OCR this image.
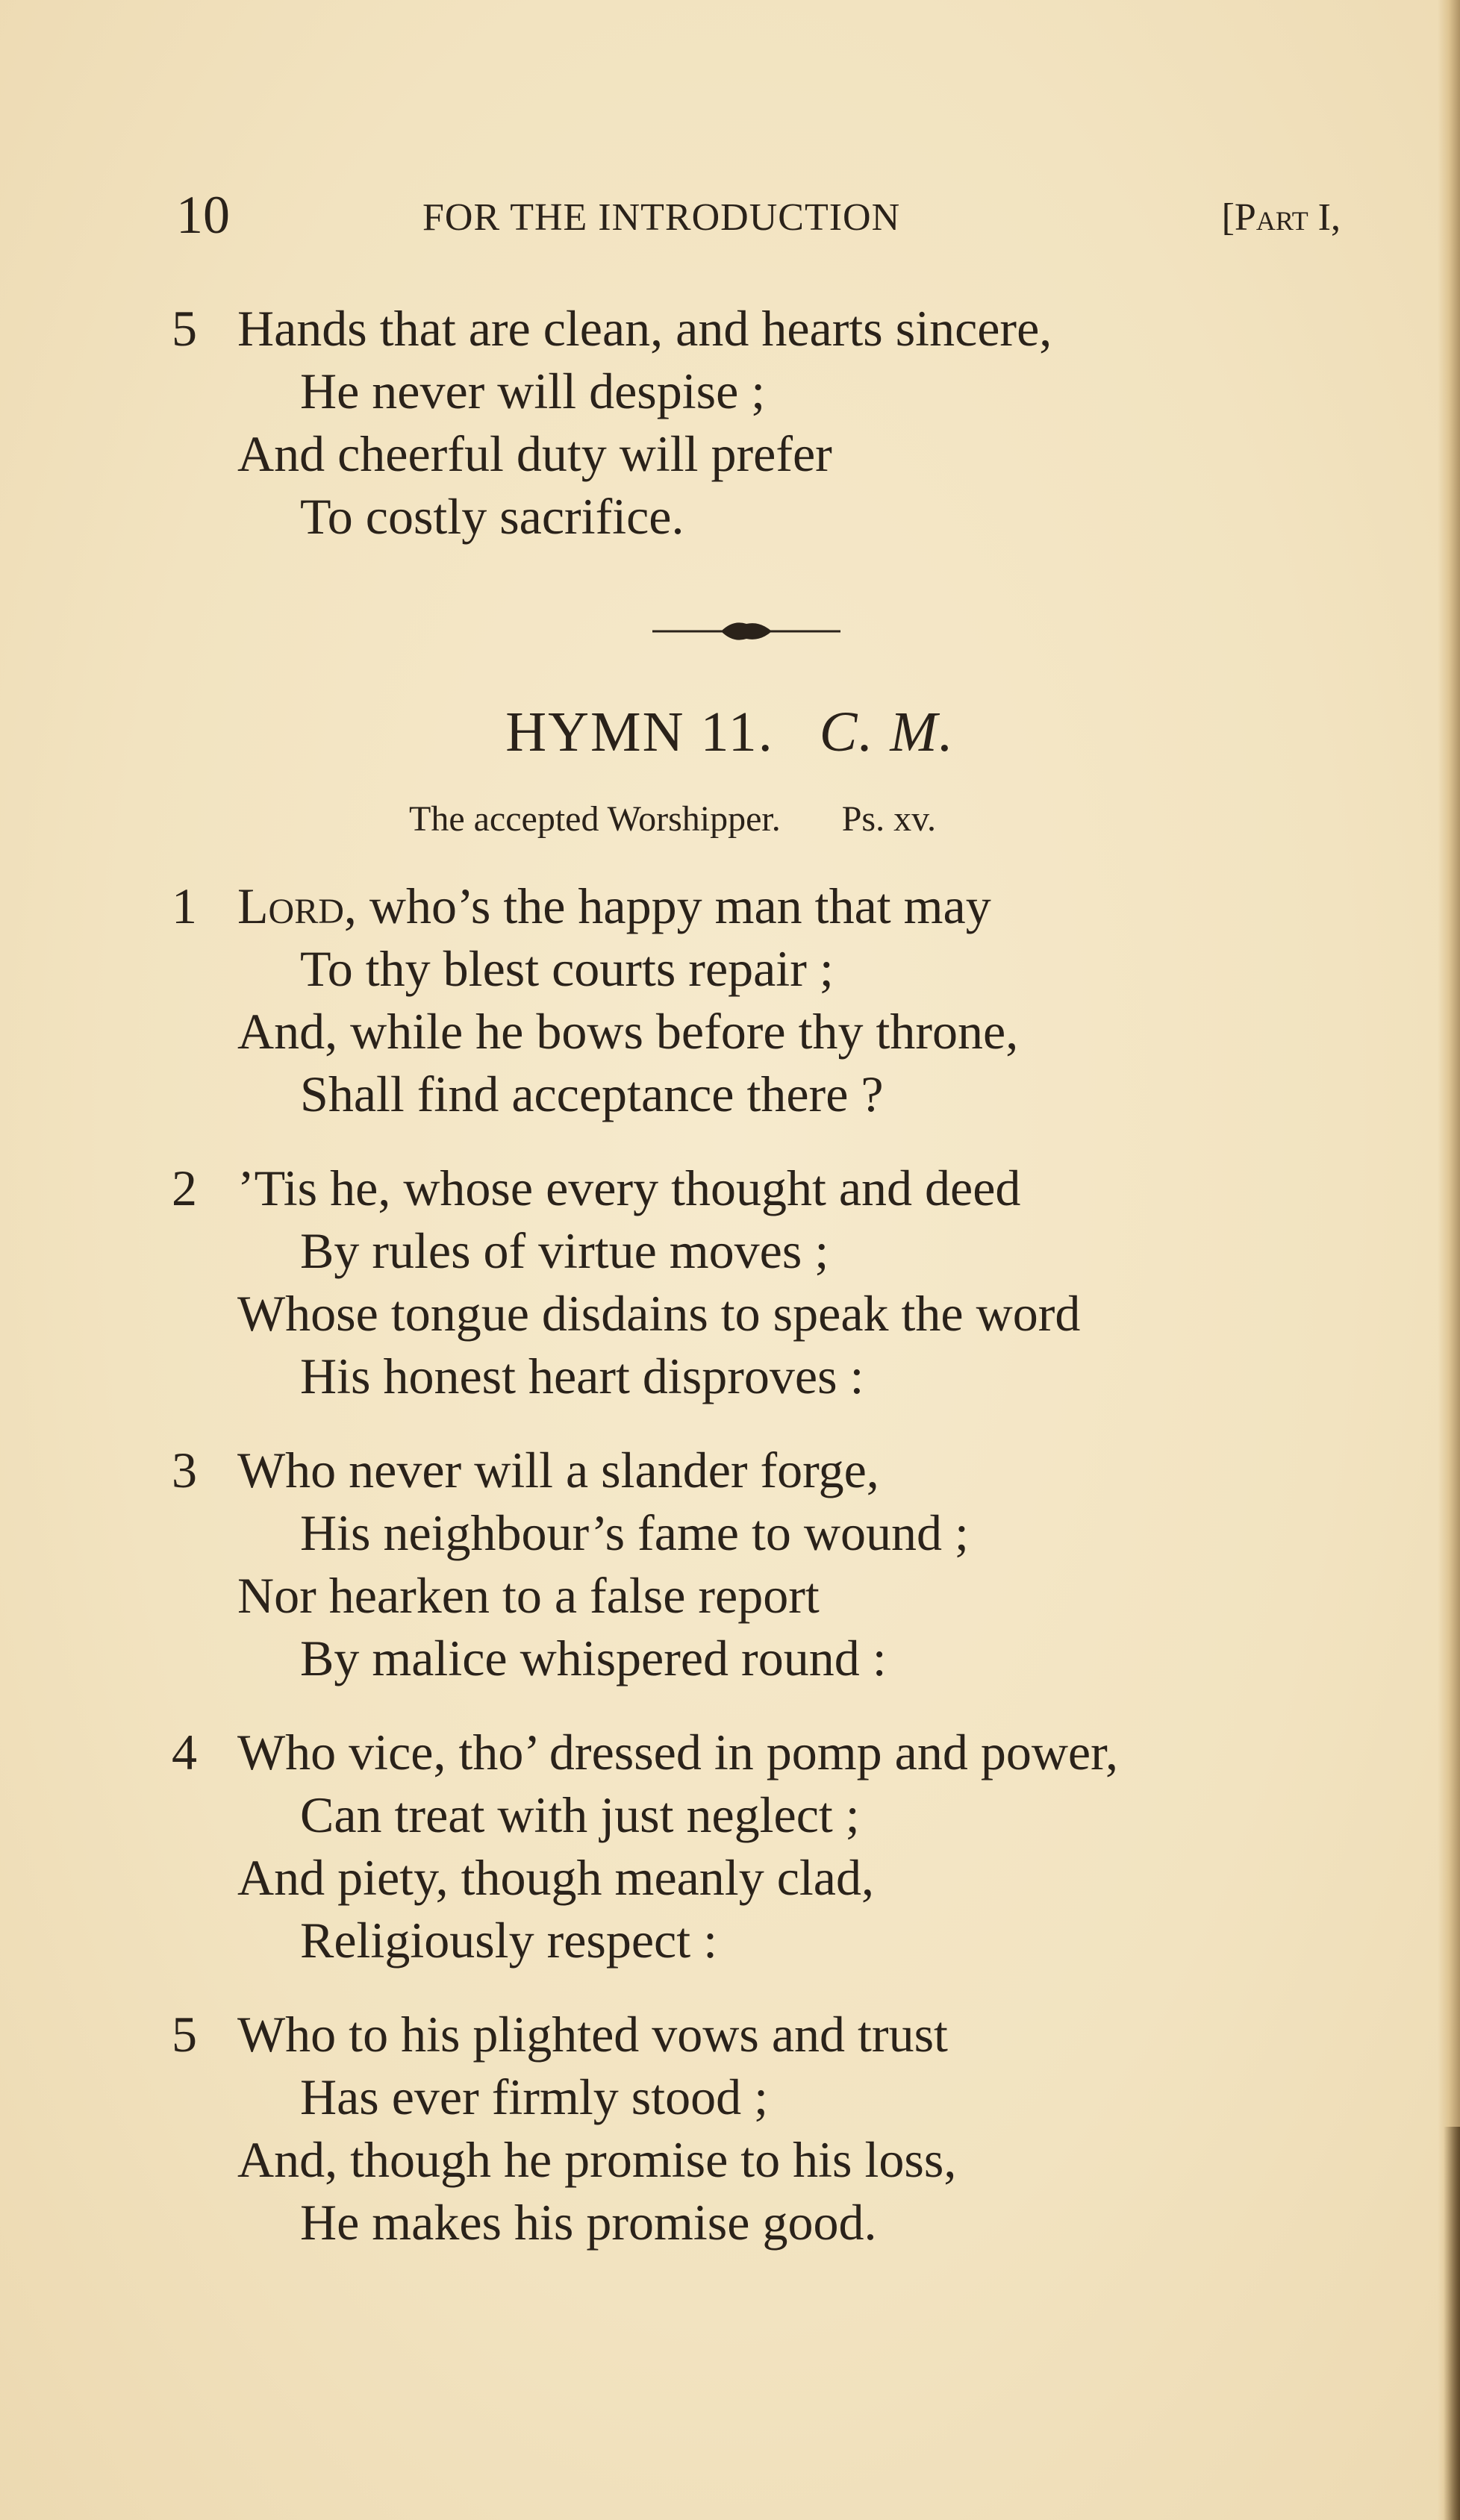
10	FOR THE INTRODUCTION	[Part I,
5 Hands that are clean, and hearts sincere,
He never will despise ;
And cheerful duty will prefer
To costly sacrifice.
HYMN 11. C. M.
The accepted Worshipper. Ps. xv.
1 Lord, who’s the happy man that may
To thy blest courts repair ;
And, while he bows before thy throne,
Shall find acceptance there ?
2 ’Tis he, whose every thought and deed
By rules of virtue moves ;
Whose tongue disdains to speak the word
His honest heart disproves :
3 Who never will a slander forge,
His neighbour’s fame to wound ;
Nor hearken to a false report
By malice whispered round :
4 Who vice, tho’ dressed in pomp and power,
Can treat with just neglect ;
And piety, though meanly clad,
Religiously respect :
5 Who to his plighted vows and trust
Has ever firmly stood ;
And, though he promise to his loss,
He makes his promise good.
